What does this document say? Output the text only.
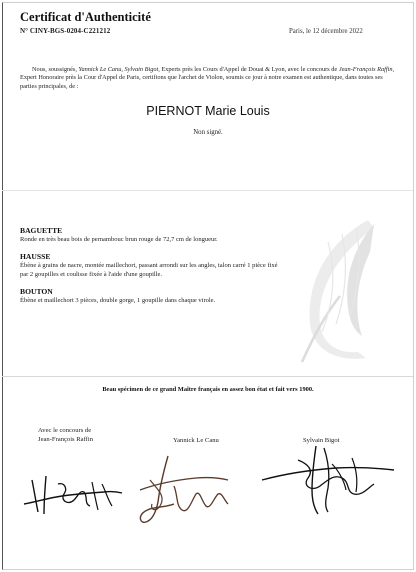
Certificat d'Authenticité
N° CINY-BGS-0204-C221212	Paris, le 12 décembre 2022
Nous, soussignés, Yannick Le Canu, Sylvain Bigot, Experts près les Cours d'Appel de Douai & Lyon, avec le concours de Jean-François Raffin, Expert Honoraire près la Cour d'Appel de Paris, certifions que l'archet de Violon, soumis ce jour à notre examen est authentique, dans toutes ses parties principales, de :
PIERNOT Marie Louis
Non signé.
BAGUETTE
Ronde en très beau bois de pernambouc brun rouge de 72,7 cm de longueur.
HAUSSE
Ébène à grains de nacre, montée maillechort, passant arrondi sur les angles, talon carré 1 pièce fixé par 2 goupilles et coulisse fixée à l'aide d'une goupille.
BOUTON
Ébène et maillechort 3 pièces, double gorge, 1 goupille dans chaque virole.
Beau spécimen de ce grand Maître français en assez bon état et fait vers 1900.
Avec le concours de
Jean-François Raffin	Yannick Le Canu	Sylvain Bigot
